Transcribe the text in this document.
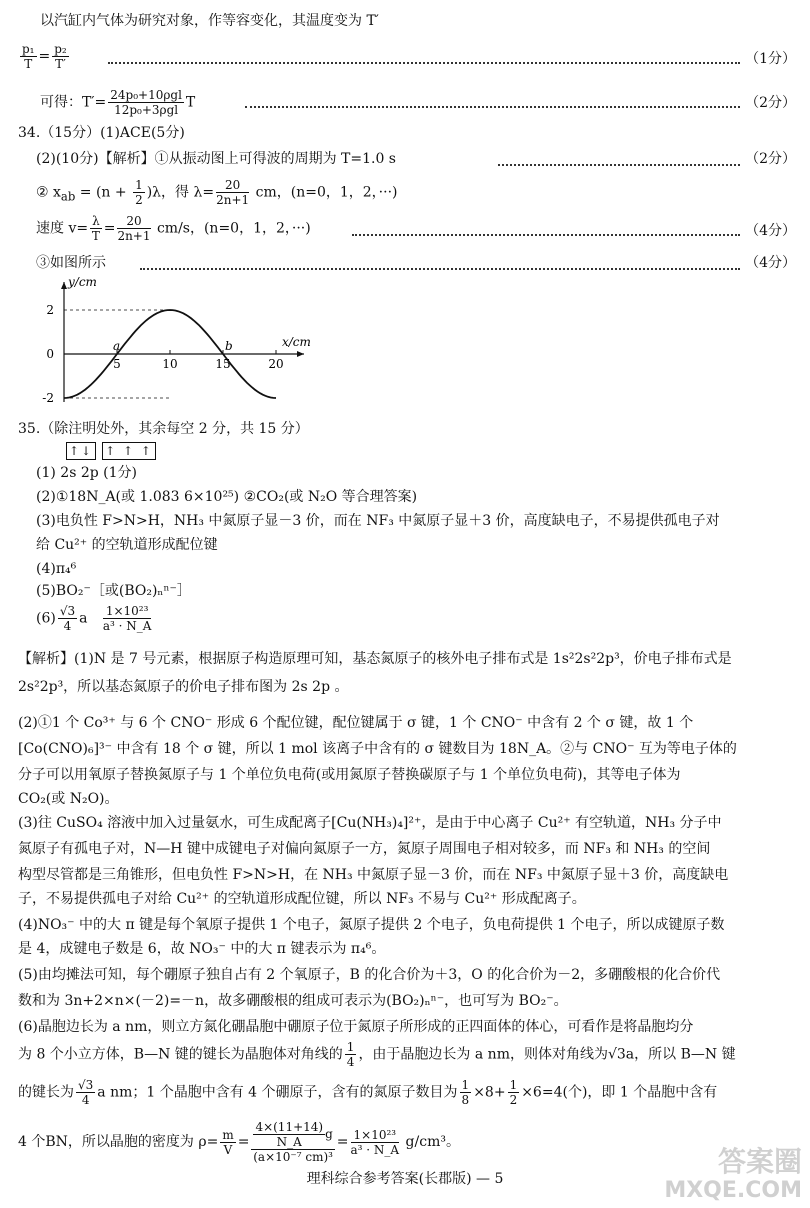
以汽缸内气体为研究对象，作等容变化，其温度变为 T′
$\frac{\text{p₁}}{T} = \frac{\text{p₂}}{T'}$	（1分）
可得：$T'= \frac{\text{24p₀+10ρgl}}{\text{12p₀+3ρgl}}$ T	（2分）
34.（15分）(1)ACE(5分)
(2)(10分)【解析】①从振动图上可得波的周期为 T=1.0 s	（2分）
② $x_{ab} = (n + \frac{1}{2} )\lambda$，得 $\lambda= \frac{20}{2n+1}$ cm，(n=0，1，2，···)
速度 $v= \frac{\lambda}{T} = \frac{20}{2n+1} cm/s$，(n=0，1，2，···)	（4分）
③如图所示	（4分）
5	10	15	20
2
0
-2
x/cm
y/cm
a	b
35.（除注明处外，其余每空 2 分，共 15 分）
↑↓ ↑ ↑ ↑
(1) 2s 2p (1分)
(2)①18N_A(或 1.083 6×10²⁵) ②CO₂(或 N₂O 等合理答案)
(3)电负性 F>N>H，NH₃ 中氮原子显－3 价，而在 NF₃ 中氮原子显＋3 价，高度缺电子，不易提供孤电子对
给 Cu²⁺ 的空轨道形成配位键
(4)π₄⁶
(5)BO₂⁻［或(BO₂)ₙⁿ⁻］
$(6) \frac{√3}{4}$ a $\frac{\text{1×10²³}}{\text{a³ · N\_A}}$
【解析】(1)N 是 7 号元素，根据原子构造原理可知，基态氮原子的核外电子排布式是 1s²2s²2p³，价电子排布式是
2s²2p³，所以基态氮原子的价电子排布图为 2s 2p 。
(2)①1 个 Co³⁺ 与 6 个 CNO⁻ 形成 6 个配位键，配位键属于 σ 键，1 个 CNO⁻ 中含有 2 个 σ 键，故 1 个
[Co(CNO)₆]³⁻ 中含有 18 个 σ 键，所以 1 mol 该离子中含有的 σ 键数目为 18N_A。②与 CNO⁻ 互为等电子体的
分子可以用氧原子替换氮原子与 1 个单位负电荷(或用氮原子替换碳原子与 1 个单位负电荷)，其等电子体为
CO₂(或 N₂O)。
(3)往 CuSO₄ 溶液中加入过量氨水，可生成配离子[Cu(NH₃)₄]²⁺，是由于中心离子 Cu²⁺ 有空轨道，NH₃ 分子中
氮原子有孤电子对，N—H 键中成键电子对偏向氮原子一方，氮原子周围电子相对较多，而 NF₃ 和 NH₃ 的空间
构型尽管都是三角锥形，但电负性 F>N>H，在 NH₃ 中氮原子显－3 价，而在 NF₃ 中氮原子显＋3 价，高度缺电
子，不易提供孤电子对给 Cu²⁺ 的空轨道形成配位键，所以 NF₃ 不易与 Cu²⁺ 形成配离子。
(4)NO₃⁻ 中的大 π 键是每个氧原子提供 1 个电子，氮原子提供 2 个电子，负电荷提供 1 个电子，所以成键原子数
是 4，成键电子数是 6，故 NO₃⁻ 中的大 π 键表示为 π₄⁶。
(5)由均摊法可知，每个硼原子独自占有 2 个氧原子，B 的化合价为＋3，O 的化合价为－2，多硼酸根的化合价代
数和为 3n+2×n×(－2)=－n，故多硼酸根的组成可表示为(BO₂)ₙⁿ⁻，也可写为 BO₂⁻。
(6)晶胞边长为 a nm，则立方氮化硼晶胞中硼原子位于氮原子所形成的正四面体的体心，可看作是将晶胞均分
为 8 个小立方体，B—N 键的键长为晶胞体对角线的 $\frac{1}{4}$ ，由于晶胞边长为 a nm，则体对角线为√3a，所以 B—N 键
的键长为 $\frac{√3}{4}$ a nm；1 个晶胞中含有 4 个硼原子，含有的氮原子数目为 $\frac{1}{8} \times 8+ \frac{1}{2} \times 6=4$(个)，即 1 个晶胞中含有
4 个BN，所以晶胞的密度为 $\rho= \frac{m}{V} = \frac{\frac{4\times(11+14)}{N\_A} g}{\text{(a×10⁻⁷ cm)³}} = \frac{\text{1×10²³}}{\text{a³ · N\_A}} g/cm^3$。
理科综合参考答案(长郡版) — 5
答案圈
MXQE.COM
